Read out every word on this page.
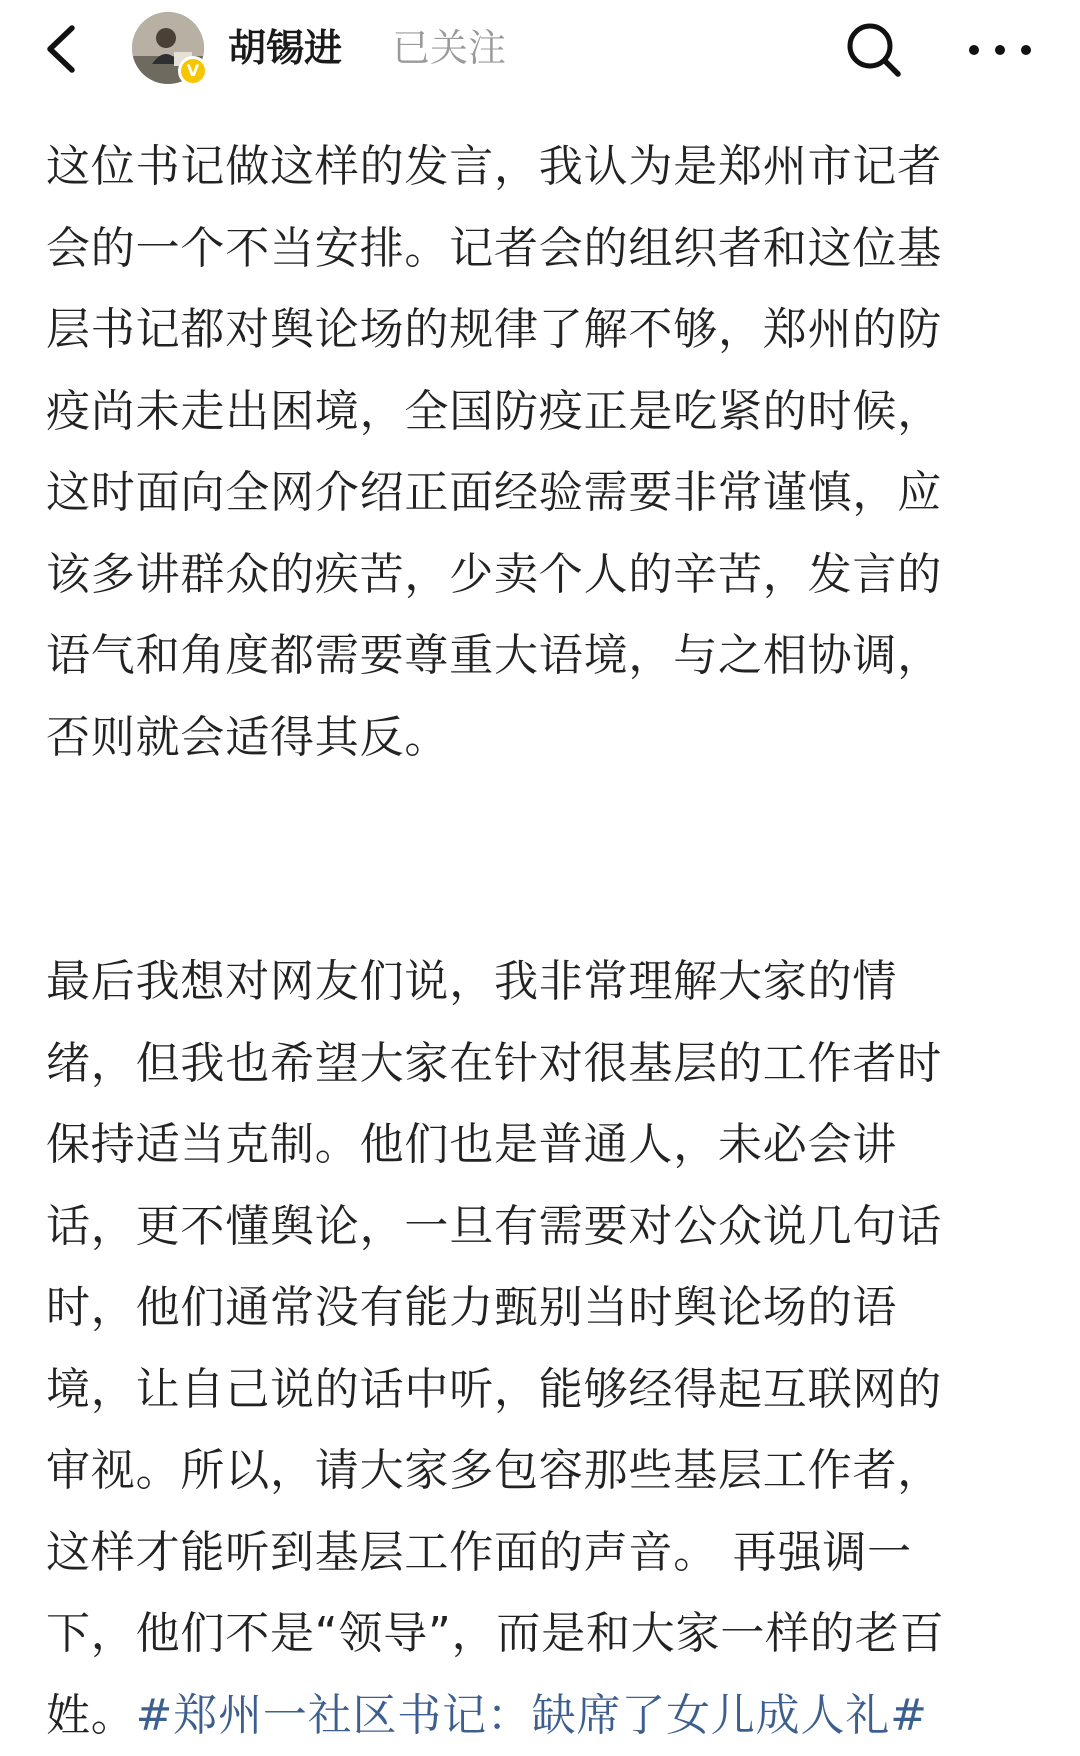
V
胡锡进 已关注

这位书记做这样的发言，我认为是郑州市记者
会的一个不当安排。记者会的组织者和这位基
层书记都对舆论场的规律了解不够，郑州的防
疫尚未走出困境，全国防疫正是吃紧的时候，
这时面向全网介绍正面经验需要非常谨慎，应
该多讲群众的疾苦，少卖个人的辛苦，发言的
语气和角度都需要尊重大语境，与之相协调，
否则就会适得其反。

最后我想对网友们说，我非常理解大家的情
绪，但我也希望大家在针对很基层的工作者时
保持适当克制。他们也是普通人，未必会讲
话，更不懂舆论，一旦有需要对公众说几句话
时，他们通常没有能力甄别当时舆论场的语
境，让自己说的话中听，能够经得起互联网的
审视。所以，请大家多包容那些基层工作者，
这样才能听到基层工作面的声音。 再强调一
下，他们不是“领导”，而是和大家一样的老百
姓。#郑州一社区书记：缺席了女儿成人礼#
